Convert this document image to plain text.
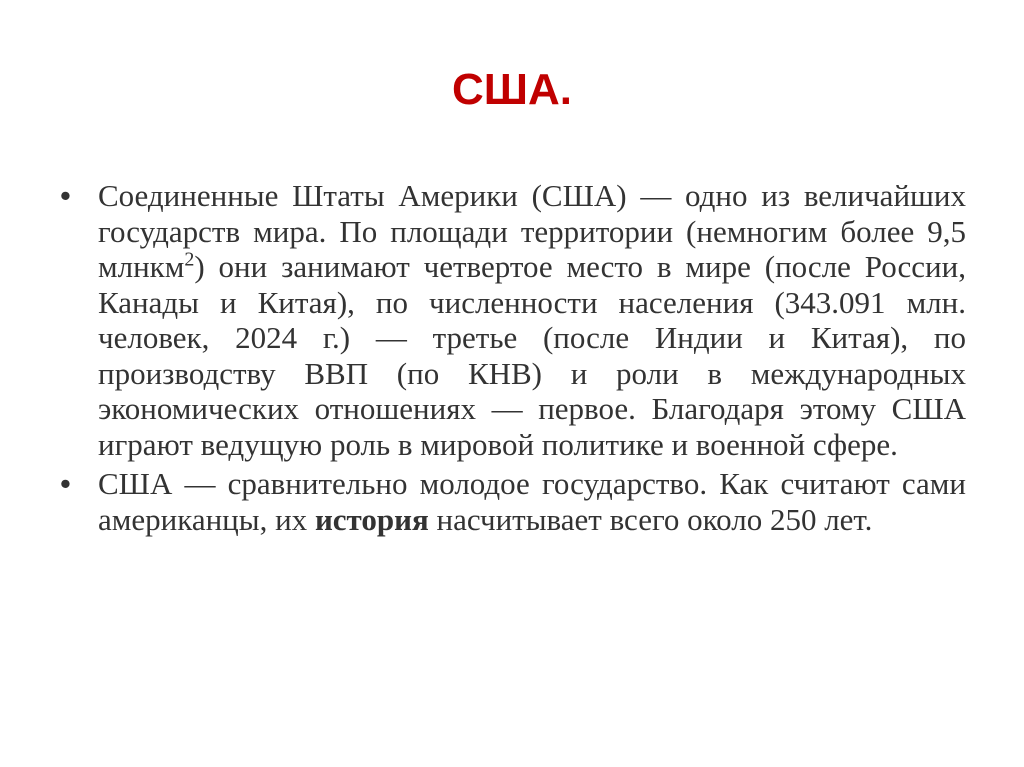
США.
• Соединенные Штаты Америки (США) — одно из величайших государств мира. По площади территории (немногим более 9,5 млнкм$^2$) они занимают четвертое место в мире (после России, Канады и Китая), по численности населения (343.091 млн. человек, 2024 г.) — третье (после Индии и Китая), по производству ВВП (по КНВ) и роли в международных экономических отношениях — первое. Благодаря этому США играют ведущую роль в мировой политике и военной сфере.
• США — сравнительно молодое государство. Как считают сами американцы, их история насчитывает всего около 250 лет.
